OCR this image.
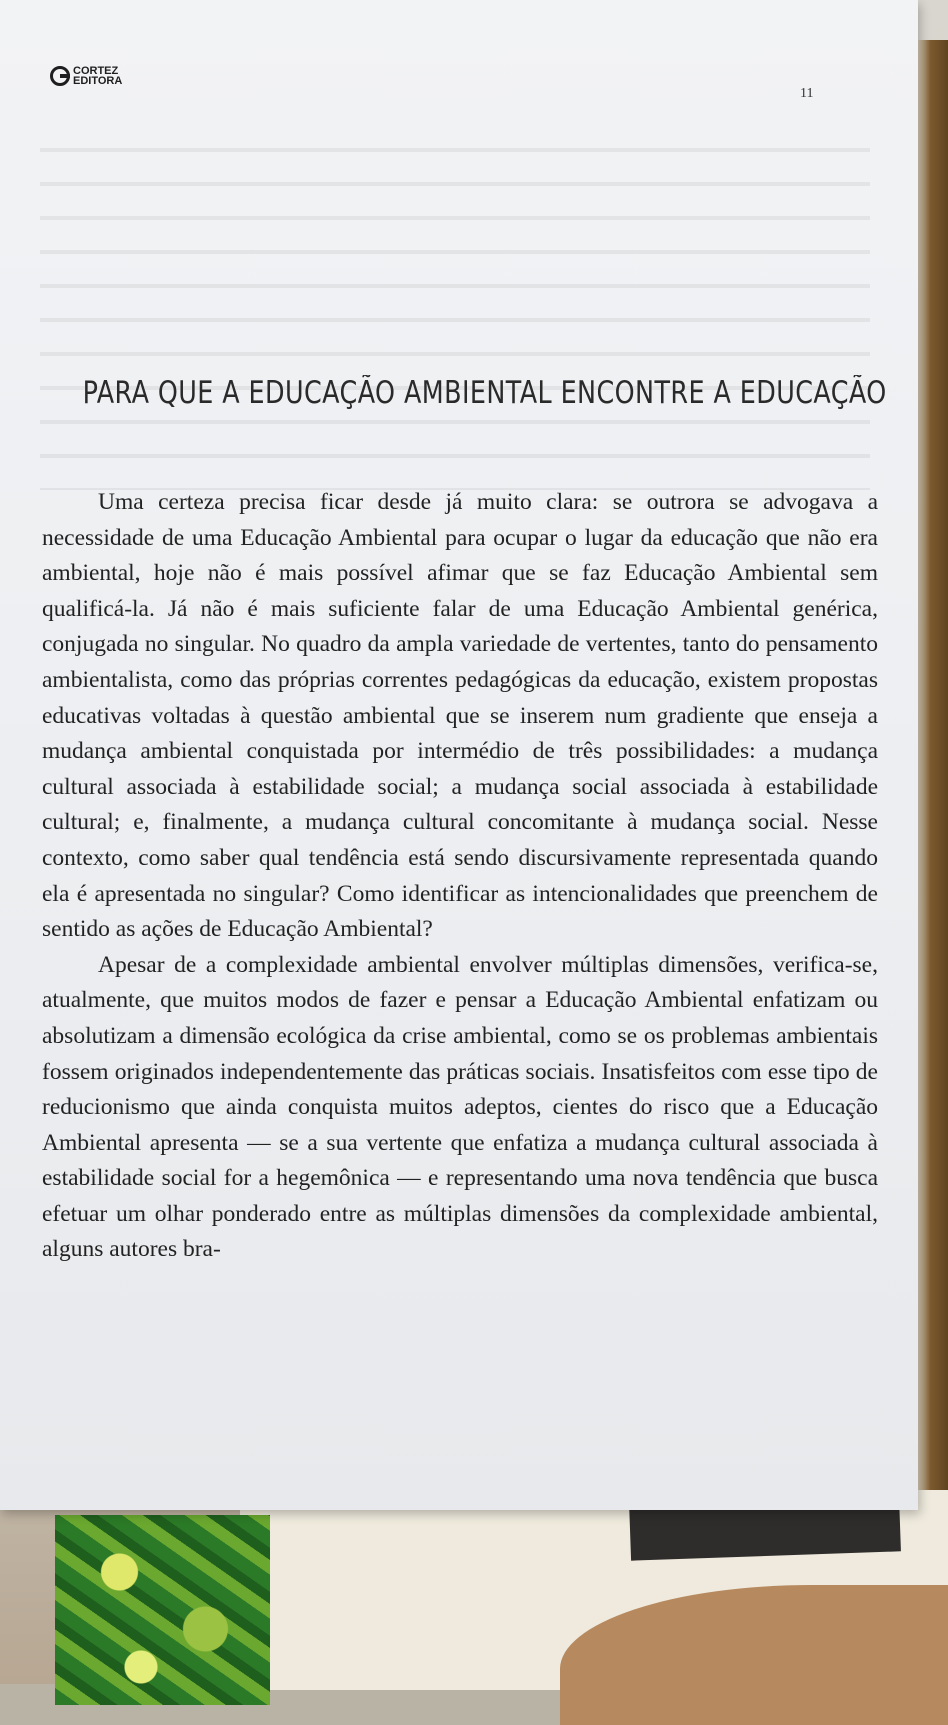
CORTEZ
EDITORA
11
PARA QUE A EDUCAÇÃO AMBIENTAL ENCONTRE A EDUCAÇÃO

Uma certeza precisa ficar desde já muito clara: se outrora se advogava a necessidade de uma Educação Ambiental para ocupar o lugar da educação que não era ambiental, hoje não é mais possível afimar que se faz Educação Ambiental sem qualificá-la. Já não é mais suficiente falar de uma Educação Ambiental genérica, conjugada no singular. No quadro da ampla variedade de vertentes, tanto do pensamento ambientalista, como das próprias correntes pedagógicas da educação, existem propostas educativas voltadas à questão ambiental que se inserem num gradiente que enseja a mudança ambiental conquistada por intermédio de três possibilidades: a mudança cultural associada à estabilidade social; a mudança social associada à estabilidade cultural; e, finalmente, a mudança cultural concomitante à mudança social. Nesse contexto, como saber qual tendência está sendo discursivamente representada quando ela é apresentada no singular? Como identificar as intencionalidades que preenchem de sentido as ações de Educação Ambiental?

Apesar de a complexidade ambiental envolver múltiplas dimensões, verifica-se, atualmente, que muitos modos de fazer e pensar a Educação Ambiental enfatizam ou absolutizam a dimensão ecológica da crise ambiental, como se os problemas ambientais fossem originados independentemente das práticas sociais. Insatisfeitos com esse tipo de reducionismo que ainda conquista muitos adeptos, cientes do risco que a Educação Ambiental apresenta — se a sua vertente que enfatiza a mudança cultural associada à estabilidade social for a hegemônica — e representando uma nova tendência que busca efetuar um olhar ponderado entre as múltiplas dimensões da complexidade ambiental, alguns autores bra-
